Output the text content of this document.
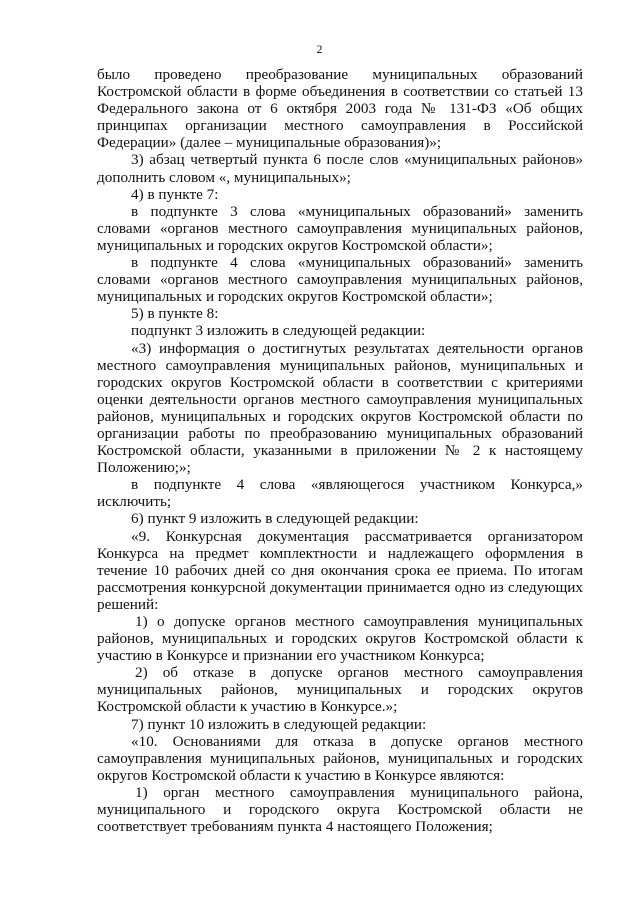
2

было проведено преобразование муниципальных образований Костромской области в форме объединения в соответствии со статьей 13 Федерального закона от 6 октября 2003 года № 131-ФЗ «Об общих принципах организации местного самоуправления в Российской Федерации» (далее – муниципальные образования)»;

3) абзац четвертый пункта 6 после слов «муниципальных районов» дополнить словом «, муниципальных»;

4) в пункте 7:

в подпункте 3 слова «муниципальных образований» заменить словами «органов местного самоуправления муниципальных районов, муниципальных и городских округов Костромской области»;

в подпункте 4 слова «муниципальных образований» заменить словами «органов местного самоуправления муниципальных районов, муниципальных и городских округов Костромской области»;

5) в пункте 8:

подпункт 3 изложить в следующей редакции:

«3) информация о достигнутых результатах деятельности органов местного самоуправления муниципальных районов, муниципальных и городских округов Костромской области в соответствии с критериями оценки деятельности органов местного самоуправления муниципальных районов, муниципальных и городских округов Костромской области по организации работы по преобразованию муниципальных образований Костромской области, указанными в приложении № 2 к настоящему Положению;»;

в подпункте 4 слова «являющегося участником Конкурса,» исключить;

6) пункт 9 изложить в следующей редакции:

«9. Конкурсная документация рассматривается организатором Конкурса на предмет комплектности и надлежащего оформления в течение 10 рабочих дней со дня окончания срока ее приема. По итогам рассмотрения конкурсной документации принимается одно из следующих решений:

1) о допуске органов местного самоуправления муниципальных районов, муниципальных и городских округов Костромской области к участию в Конкурсе и признании его участником Конкурса;

2) об отказе в допуске органов местного самоуправления муниципальных районов, муниципальных и городских округов Костромской области к участию в Конкурсе.»;

7) пункт 10 изложить в следующей редакции:

«10. Основаниями для отказа в допуске органов местного самоуправления муниципальных районов, муниципальных и городских округов Костромской области к участию в Конкурсе являются:

1) орган местного самоуправления муниципального района, муниципального и городского округа Костромской области не соответствует требованиям пункта 4 настоящего Положения;
